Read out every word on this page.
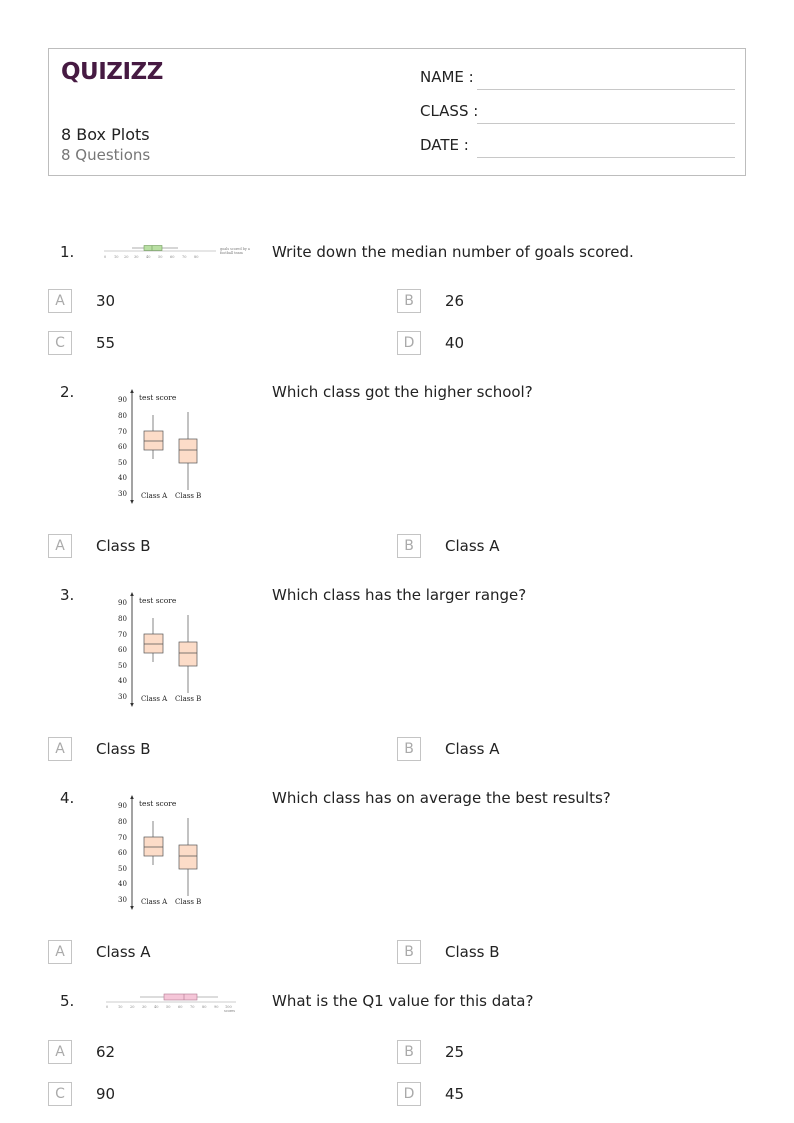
QUIZIZZ
8 Box Plots
8 Questions
NAME :
CLASS :
DATE :
1.	0 10 20 30 40 50 60 70 80
goals scored by a
football team Write down the median number of goals scored.
A	30	B	26
C	55	D	40
2.	test score
90
80
70
60
50
40
30 Class A Class B
Which class got the higher school?
A	Class B	B	Class A
3.	test score
90
80
70
60
50
40
30 Class A Class B
Which class has the larger range?
A	Class B	B	Class A
4.	test score
90
80
70
60
50
40
30 Class A Class B
Which class has on average the best results?
A	Class A	B	Class B
5.	0	10 20 30 40 50 60 70 80 90 100
scores
What is the Q1 value for this data?
A	62	B	25
C	90	D	45
